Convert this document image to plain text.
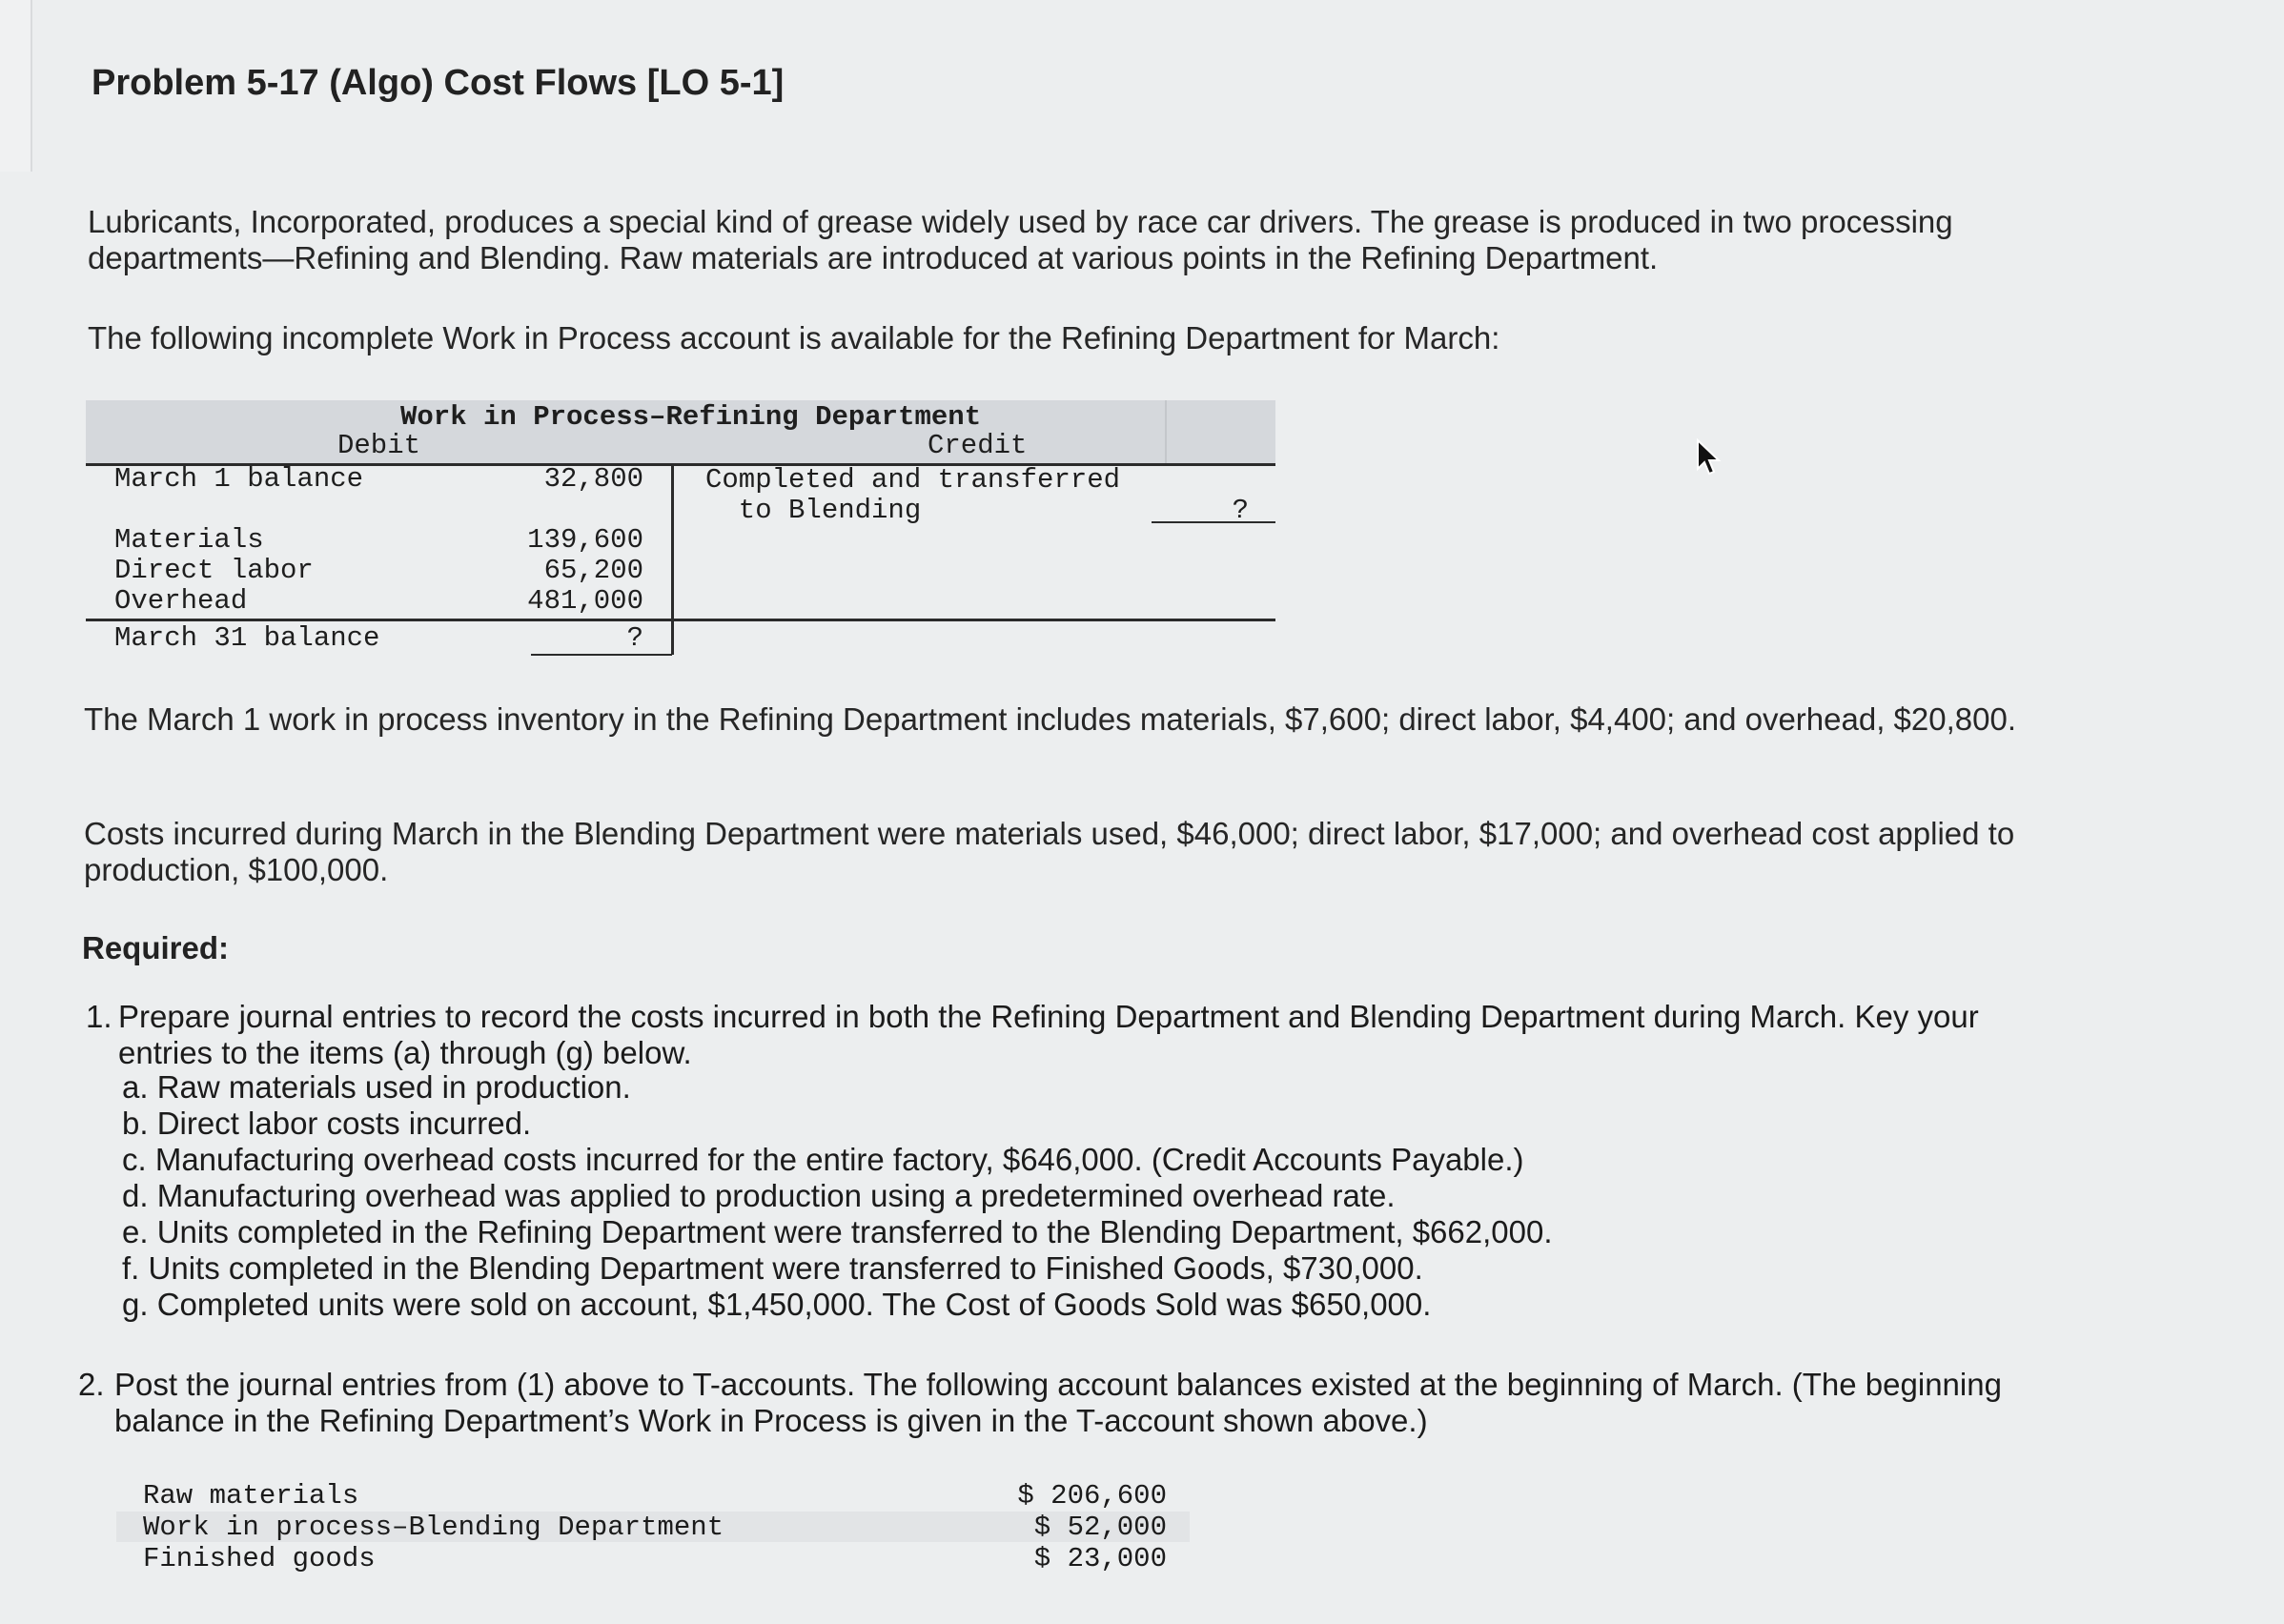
Problem 5-17 (Algo) Cost Flows [LO 5-1]
Lubricants, Incorporated, produces a special kind of grease widely used by race car drivers. The grease is produced in two processing departments—Refining and Blending. Raw materials are introduced at various points in the Refining Department.
The following incomplete Work in Process account is available for the Refining Department for March:
Work in Process–Refining Department
Debit	Credit
March 1 balance	32,800
Materials	139,600
Direct labor	65,200
Overhead	481,000
March 31 balance	?
Completed and transferred
to Blending	?
The March 1 work in process inventory in the Refining Department includes materials, $7,600; direct labor, $4,400; and overhead, $20,800.
Costs incurred during March in the Blending Department were materials used, $46,000; direct labor, $17,000; and overhead cost applied to production, $100,000.
Required:
1. Prepare journal entries to record the costs incurred in both the Refining Department and Blending Department during March. Key your entries to the items (a) through (g) below.
a. Raw materials used in production.
b. Direct labor costs incurred.
c. Manufacturing overhead costs incurred for the entire factory, $646,000. (Credit Accounts Payable.)
d. Manufacturing overhead was applied to production using a predetermined overhead rate.
e. Units completed in the Refining Department were transferred to the Blending Department, $662,000.
f. Units completed in the Blending Department were transferred to Finished Goods, $730,000.
g. Completed units were sold on account, $1,450,000. The Cost of Goods Sold was $650,000.
2. Post the journal entries from (1) above to T-accounts. The following account balances existed at the beginning of March. (The beginning balance in the Refining Department’s Work in Process is given in the T-account shown above.)
Raw materials	$ 206,600
Work in process–Blending Department	$ 52,000
Finished goods	$ 23,000
